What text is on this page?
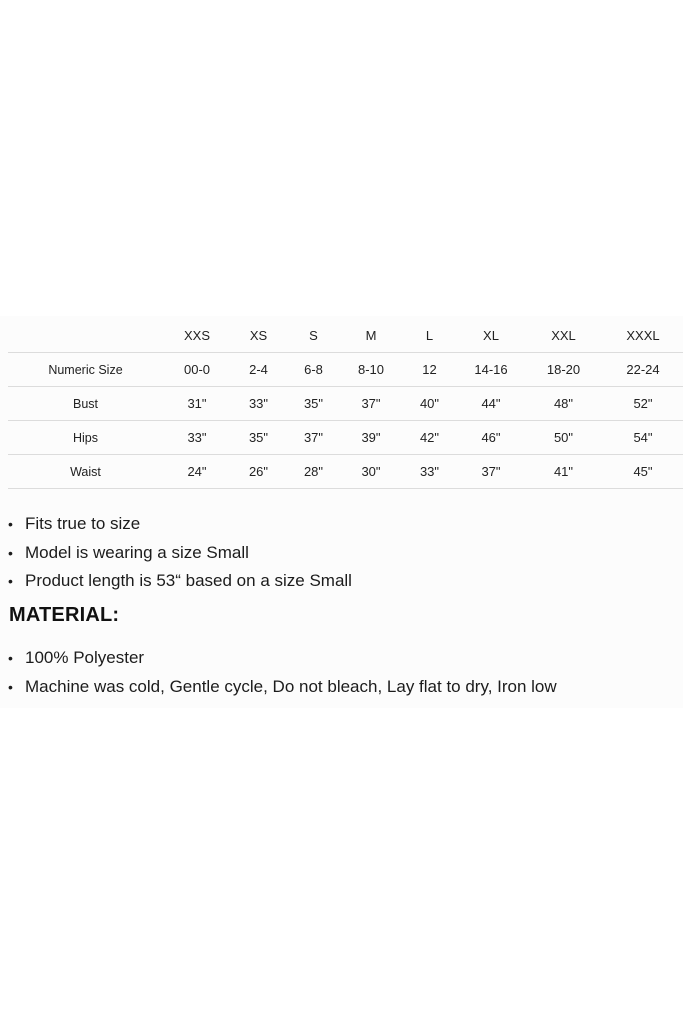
	XXS	XS	S	M	L	XL	XXL	XXXL
Numeric Size	00-0	2-4	6-8	8-10	12	14-16	18-20	22-24
Bust	31"	33"	35"	37"	40"	44"	48"	52"
Hips	33"	35"	37"	39"	42"	46"	50"	54"
Waist	24"	26"	28"	30"	33"	37"	41"	45"
• Fits true to size
• Model is wearing a size Small
• Product length is 53“ based on a size Small
MATERIAL:
• 100% Polyester
• Machine was cold, Gentle cycle, Do not bleach, Lay flat to dry, Iron low
